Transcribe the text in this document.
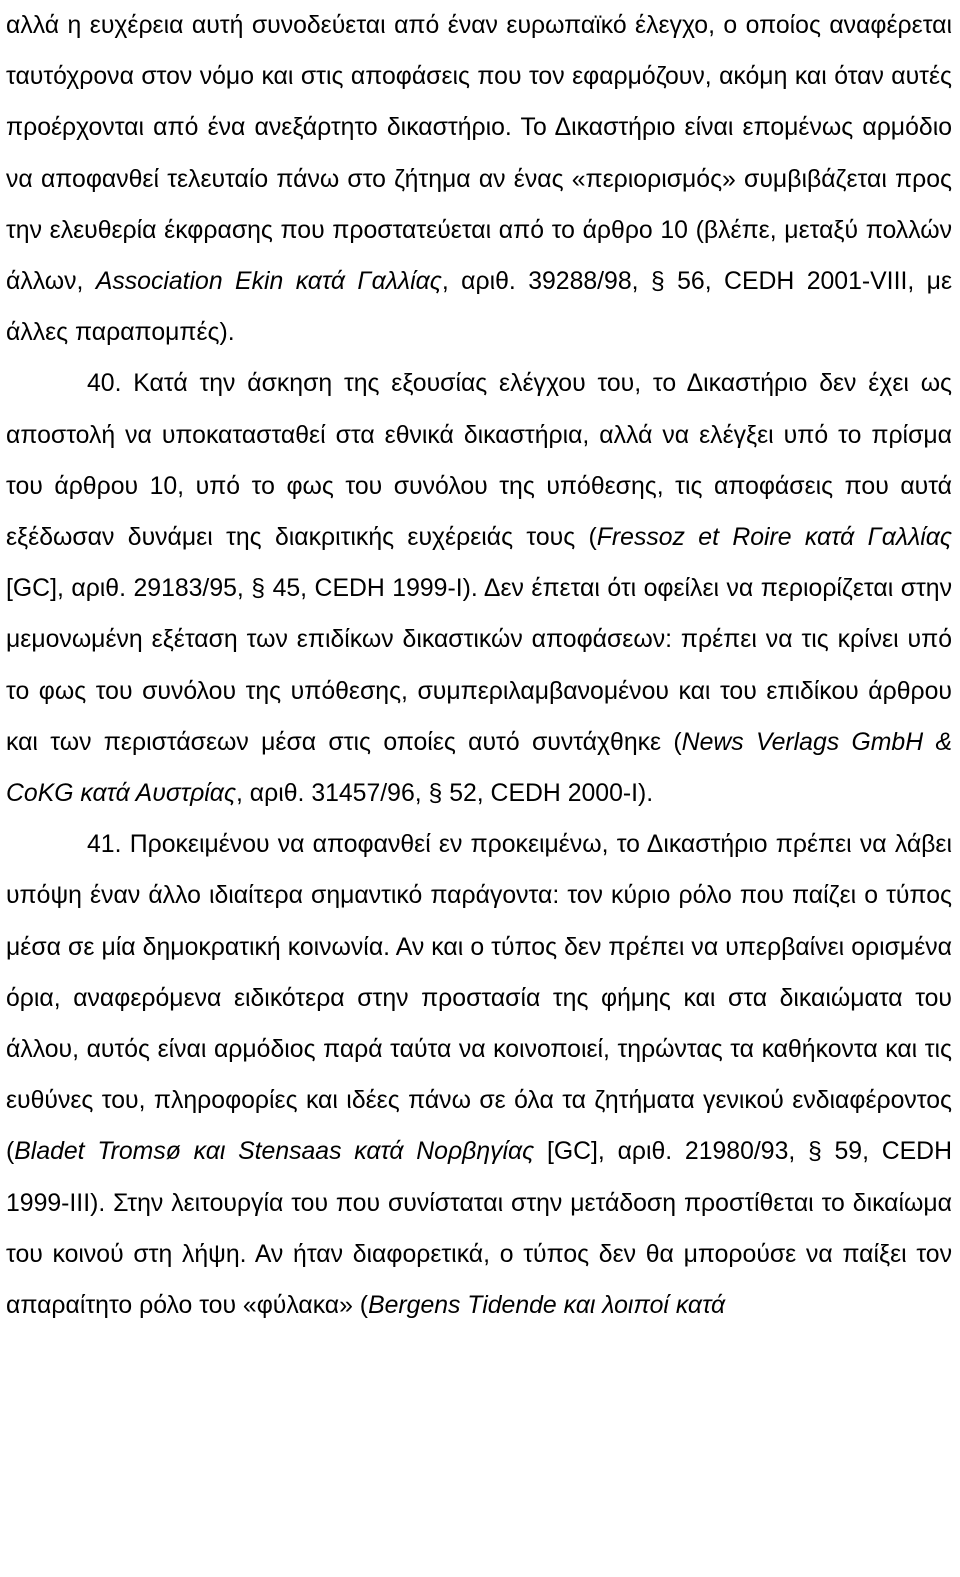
αλλά η ευχέρεια αυτή συνοδεύεται από έναν ευρωπαϊκό έλεγχο, ο οποίος αναφέρεται ταυτόχρονα στον νόμο και στις αποφάσεις που τον εφαρμόζουν, ακόμη και όταν αυτές προέρχονται από ένα ανεξάρτητο δικαστήριο. Το Δικαστήριο είναι επομένως αρμόδιο να αποφανθεί τελευταίο πάνω στο ζήτημα αν ένας «περιορισμός» συμβιβάζεται προς την ελευθερία έκφρασης που προστατεύεται από το άρθρο 10 (βλέπε, μεταξύ πολλών άλλων, Association Ekin κατά Γαλλίας, αριθ. 39288/98, § 56, CEDH 2001-VIII, με άλλες παραπομπές).

40. Κατά την άσκηση της εξουσίας ελέγχου του, το Δικαστήριο δεν έχει ως αποστολή να υποκατασταθεί στα εθνικά δικαστήρια, αλλά να ελέγξει υπό το πρίσμα του άρθρου 10, υπό το φως του συνόλου της υπόθεσης, τις αποφάσεις που αυτά εξέδωσαν δυνάμει της διακριτικής ευχέρειάς τους (Fressoz et Roire κατά Γαλλίας [GC], αριθ. 29183/95, § 45, CEDH 1999-I). Δεν έπεται ότι οφείλει να περιορίζεται στην μεμονωμένη εξέταση των επιδίκων δικαστικών αποφάσεων: πρέπει να τις κρίνει υπό το φως του συνόλου της υπόθεσης, συμπεριλαμβανομένου και του επιδίκου άρθρου και των περιστάσεων μέσα στις οποίες αυτό συντάχθηκε (News Verlags GmbH & CoKG κατά Αυστρίας, αριθ. 31457/96, § 52, CEDH 2000-I).

41. Προκειμένου να αποφανθεί εν προκειμένω, το Δικαστήριο πρέπει να λάβει υπόψη έναν άλλο ιδιαίτερα σημαντικό παράγοντα: τον κύριο ρόλο που παίζει ο τύπος μέσα σε μία δημοκρατική κοινωνία. Αν και ο τύπος δεν πρέπει να υπερβαίνει ορισμένα όρια, αναφερόμενα ειδικότερα στην προστασία της φήμης και στα δικαιώματα του άλλου, αυτός είναι αρμόδιος παρά ταύτα να κοινοποιεί, τηρώντας τα καθήκοντα και τις ευθύνες του, πληροφορίες και ιδέες πάνω σε όλα τα ζητήματα γενικού ενδιαφέροντος (Bladet Tromsø και Stensaas κατά Νορβηγίας [GC], αριθ. 21980/93, § 59, CEDH 1999-III). Στην λειτουργία του που συνίσταται στην μετάδοση προστίθεται το δικαίωμα του κοινού στη λήψη. Αν ήταν διαφορετικά, ο τύπος δεν θα μπορούσε να παίξει τον απαραίτητο ρόλο του «φύλακα» (Bergens Tidende και λοιποί κατά
